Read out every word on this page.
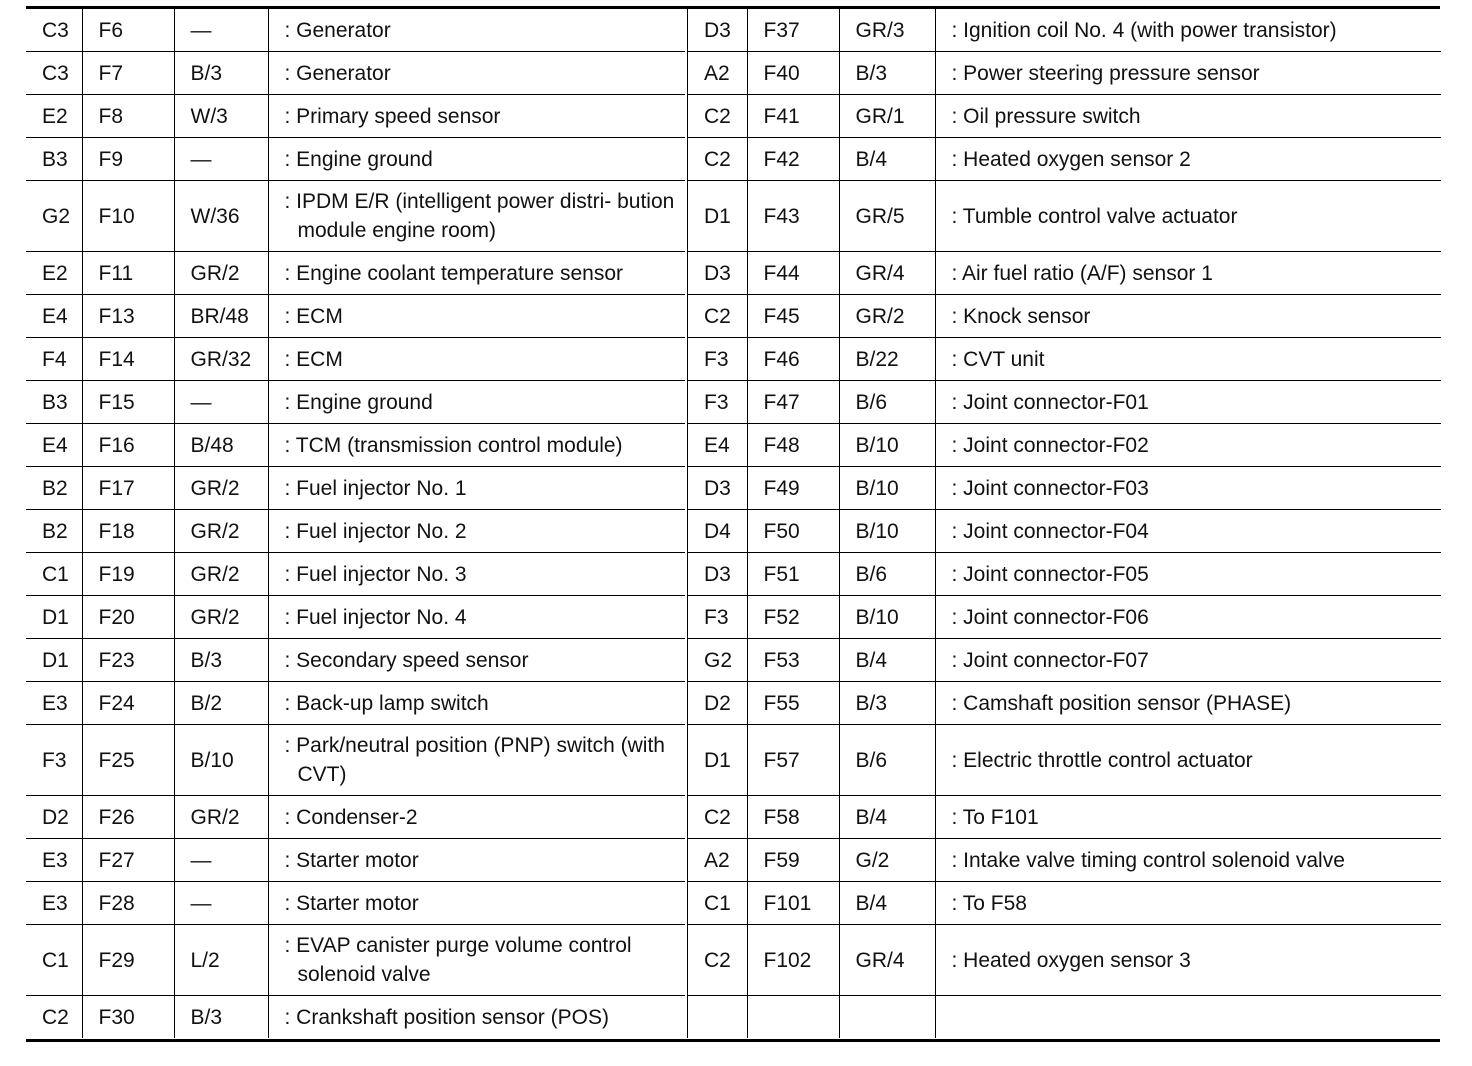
C3	F6	—	: Generator

C3	F7	B/3	: Generator

E2	F8	W/3	: Primary speed sensor

B3	F9	—	: Engine ground

G2	F10	W/36	: IPDM E/R (intelligent power distri- bution module engine room)

E2	F11	GR/2	: Engine coolant temperature sensor

E4	F13	BR/48	: ECM

F4	F14	GR/32	: ECM

B3	F15	—	: Engine ground

E4	F16	B/48	: TCM (transmission control module)

B2	F17	GR/2	: Fuel injector No. 1

B2	F18	GR/2	: Fuel injector No. 2

C1	F19	GR/2	: Fuel injector No. 3

D1	F20	GR/2	: Fuel injector No. 4

D1	F23	B/3	: Secondary speed sensor

E3	F24	B/2	: Back-up lamp switch

F3	F25	B/10	: Park/neutral position (PNP) switch (with CVT)

D2	F26	GR/2	: Condenser-2

E3	F27	—	: Starter motor

E3	F28	—	: Starter motor

C1	F29	L/2	: EVAP canister purge volume control solenoid valve

C2	F30	B/3	: Crankshaft position sensor (POS)
D3	F37	GR/3	: Ignition coil No. 4 (with power transistor)

A2	F40	B/3	: Power steering pressure sensor

C2	F41	GR/1	: Oil pressure switch

C2	F42	B/4	: Heated oxygen sensor 2

D1	F43	GR/5	: Tumble control valve actuator

D3	F44	GR/4	: Air fuel ratio (A/F) sensor 1

C2	F45	GR/2	: Knock sensor

F3	F46	B/22	: CVT unit

F3	F47	B/6	: Joint connector-F01

E4	F48	B/10	: Joint connector-F02

D3	F49	B/10	: Joint connector-F03

D4	F50	B/10	: Joint connector-F04

D3	F51	B/6	: Joint connector-F05

F3	F52	B/10	: Joint connector-F06

G2	F53	B/4	: Joint connector-F07

D2	F55	B/3	: Camshaft position sensor (PHASE)

D1	F57	B/6	: Electric throttle control actuator

C2	F58	B/4	: To F101

A2	F59	G/2	: Intake valve timing control solenoid valve

C1	F101	B/4	: To F58

C2	F102	GR/4	: Heated oxygen sensor 3
